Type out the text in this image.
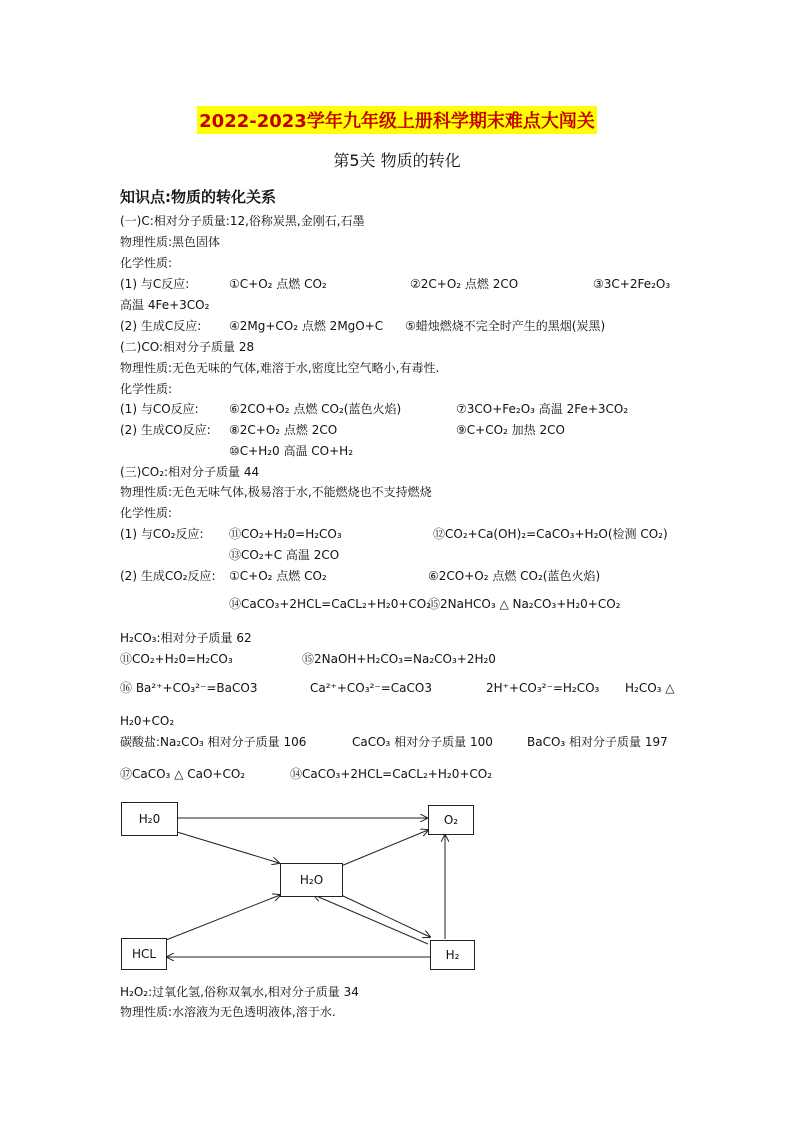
2022-2023学年九年级上册科学期末难点大闯关
第5关 物质的转化
知识点:物质的转化关系
(一)C:相对分子质量:12,俗称炭黑,金刚石,石墨
物理性质:黑色固体
化学性质:
(1) 与C反应:	①C+O₂ 点燃 CO₂	②2C+O₂ 点燃 2CO	③3C+2Fe₂O₃
高温 4Fe+3CO₂
(2) 生成C反应: ④2Mg+CO₂ 点燃 2MgO+C ⑤蜡烛燃烧不完全时产生的黑烟(炭黑)
(二)CO:相对分子质量 28
物理性质:无色无味的气体,难溶于水,密度比空气略小,有毒性.
化学性质:
(1) 与CO反应:	⑥2CO+O₂ 点燃 CO₂(蓝色火焰)	⑦3CO+Fe₂O₃ 高温 2Fe+3CO₂
(2) 生成CO反应: ⑧2C+O₂ 点燃 2CO	⑨C+CO₂ 加热 2CO
⑩C+H₂0 高温 CO+H₂
(三)CO₂:相对分子质量 44
物理性质:无色无味气体,极易溶于水,不能燃烧也不支持燃烧
化学性质:
(1) 与CO₂反应: ⑪CO₂+H₂0=H₂CO₃	⑫CO₂+Ca(OH)₂=CaCO₃+H₂O(检测 CO₂)
⑬CO₂+C 高温 2CO
(2) 生成CO₂反应: ①C+O₂ 点燃 CO₂	⑥2CO+O₂ 点燃 CO₂(蓝色火焰)
⑭CaCO₃+2HCL=CaCL₂+H₂0+CO₂
⑮2NaHCO₃ △ Na₂CO₃+H₂0+CO₂
H₂CO₃:相对分子质量 62
⑪CO₂+H₂0=H₂CO₃	⑮2NaOH+H₂CO₃=Na₂CO₃+2H₂0
⑯ Ba²⁺+CO₃²⁻=BaCO3	Ca²⁺+CO₃²⁻=CaCO3	2H⁺+CO₃²⁻=H₂CO₃ H₂CO₃ △
H₂0+CO₂
碳酸盐:Na₂CO₃ 相对分子质量 106	CaCO₃ 相对分子质量 100	BaCO₃ 相对分子质量 197
⑰CaCO₃ △ CaO+CO₂	⑭CaCO₃+2HCL=CaCL₂+H₂0+CO₂
H₂0	O₂
H₂O
HCL	H₂
H₂O₂:过氧化氢,俗称双氧水,相对分子质量 34
物理性质:水溶液为无色透明液体,溶于水.
